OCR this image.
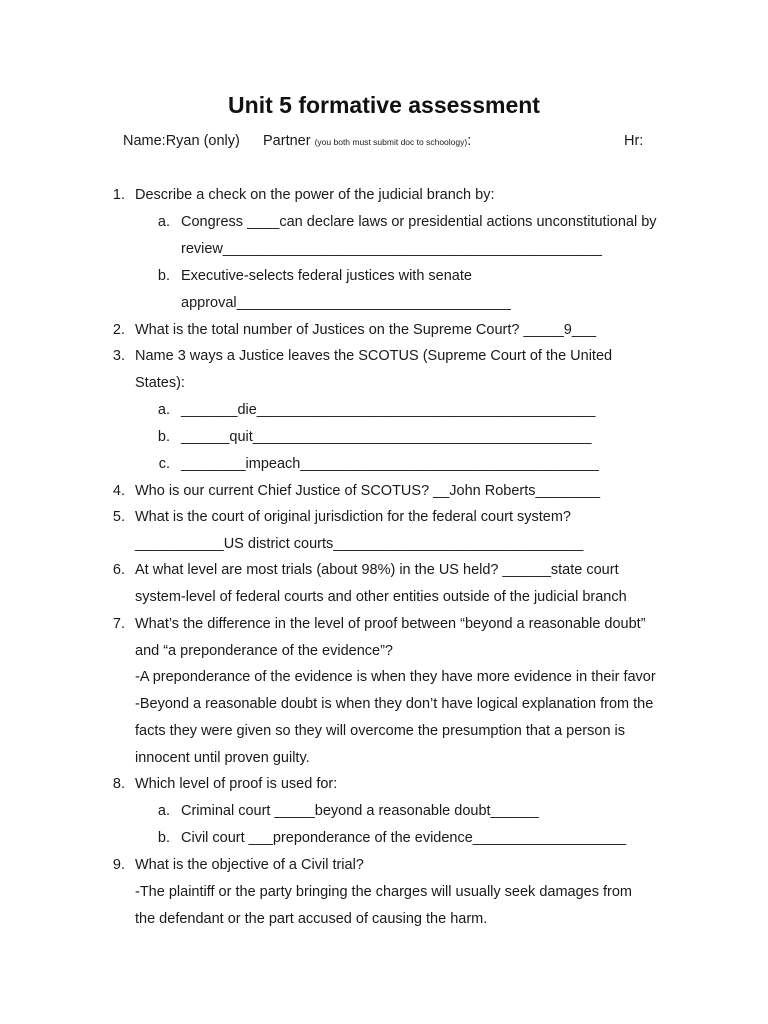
Unit 5 formative assessment
Name:Ryan (only) Partner (you both must submit doc to schoology):	Hr:
1. Describe a check on the power of the judicial branch by:
a. Congress ____can declare laws or presidential actions unconstitutional by
review_______________________________________________
b. Executive-selects federal justices with senate
approval__________________________________
2. What is the total number of Justices on the Supreme Court? _____9___
3. Name 3 ways a Justice leaves the SCOTUS (Supreme Court of the United
States):
a. _______die__________________________________________
b. ______quit__________________________________________
c. ________impeach_____________________________________
4. Who is our current Chief Justice of SCOTUS? __John Roberts________
5. What is the court of original jurisdiction for the federal court system?
___________US district courts_______________________________
6. At what level are most trials (about 98%) in the US held? ______state court
system-level of federal courts and other entities outside of the judicial branch
7. What’s the difference in the level of proof between “beyond a reasonable doubt”
and “a preponderance of the evidence”?
-A preponderance of the evidence is when they have more evidence in their favor
-Beyond a reasonable doubt is when they don’t have logical explanation from the
facts they were given so they will overcome the presumption that a person is
innocent until proven guilty.
8. Which level of proof is used for:
a. Criminal court _____beyond a reasonable doubt______
b. Civil court ___preponderance of the evidence___________________
9. What is the objective of a Civil trial?
-The plaintiff or the party bringing the charges will usually seek damages from
the defendant or the part accused of causing the harm.
